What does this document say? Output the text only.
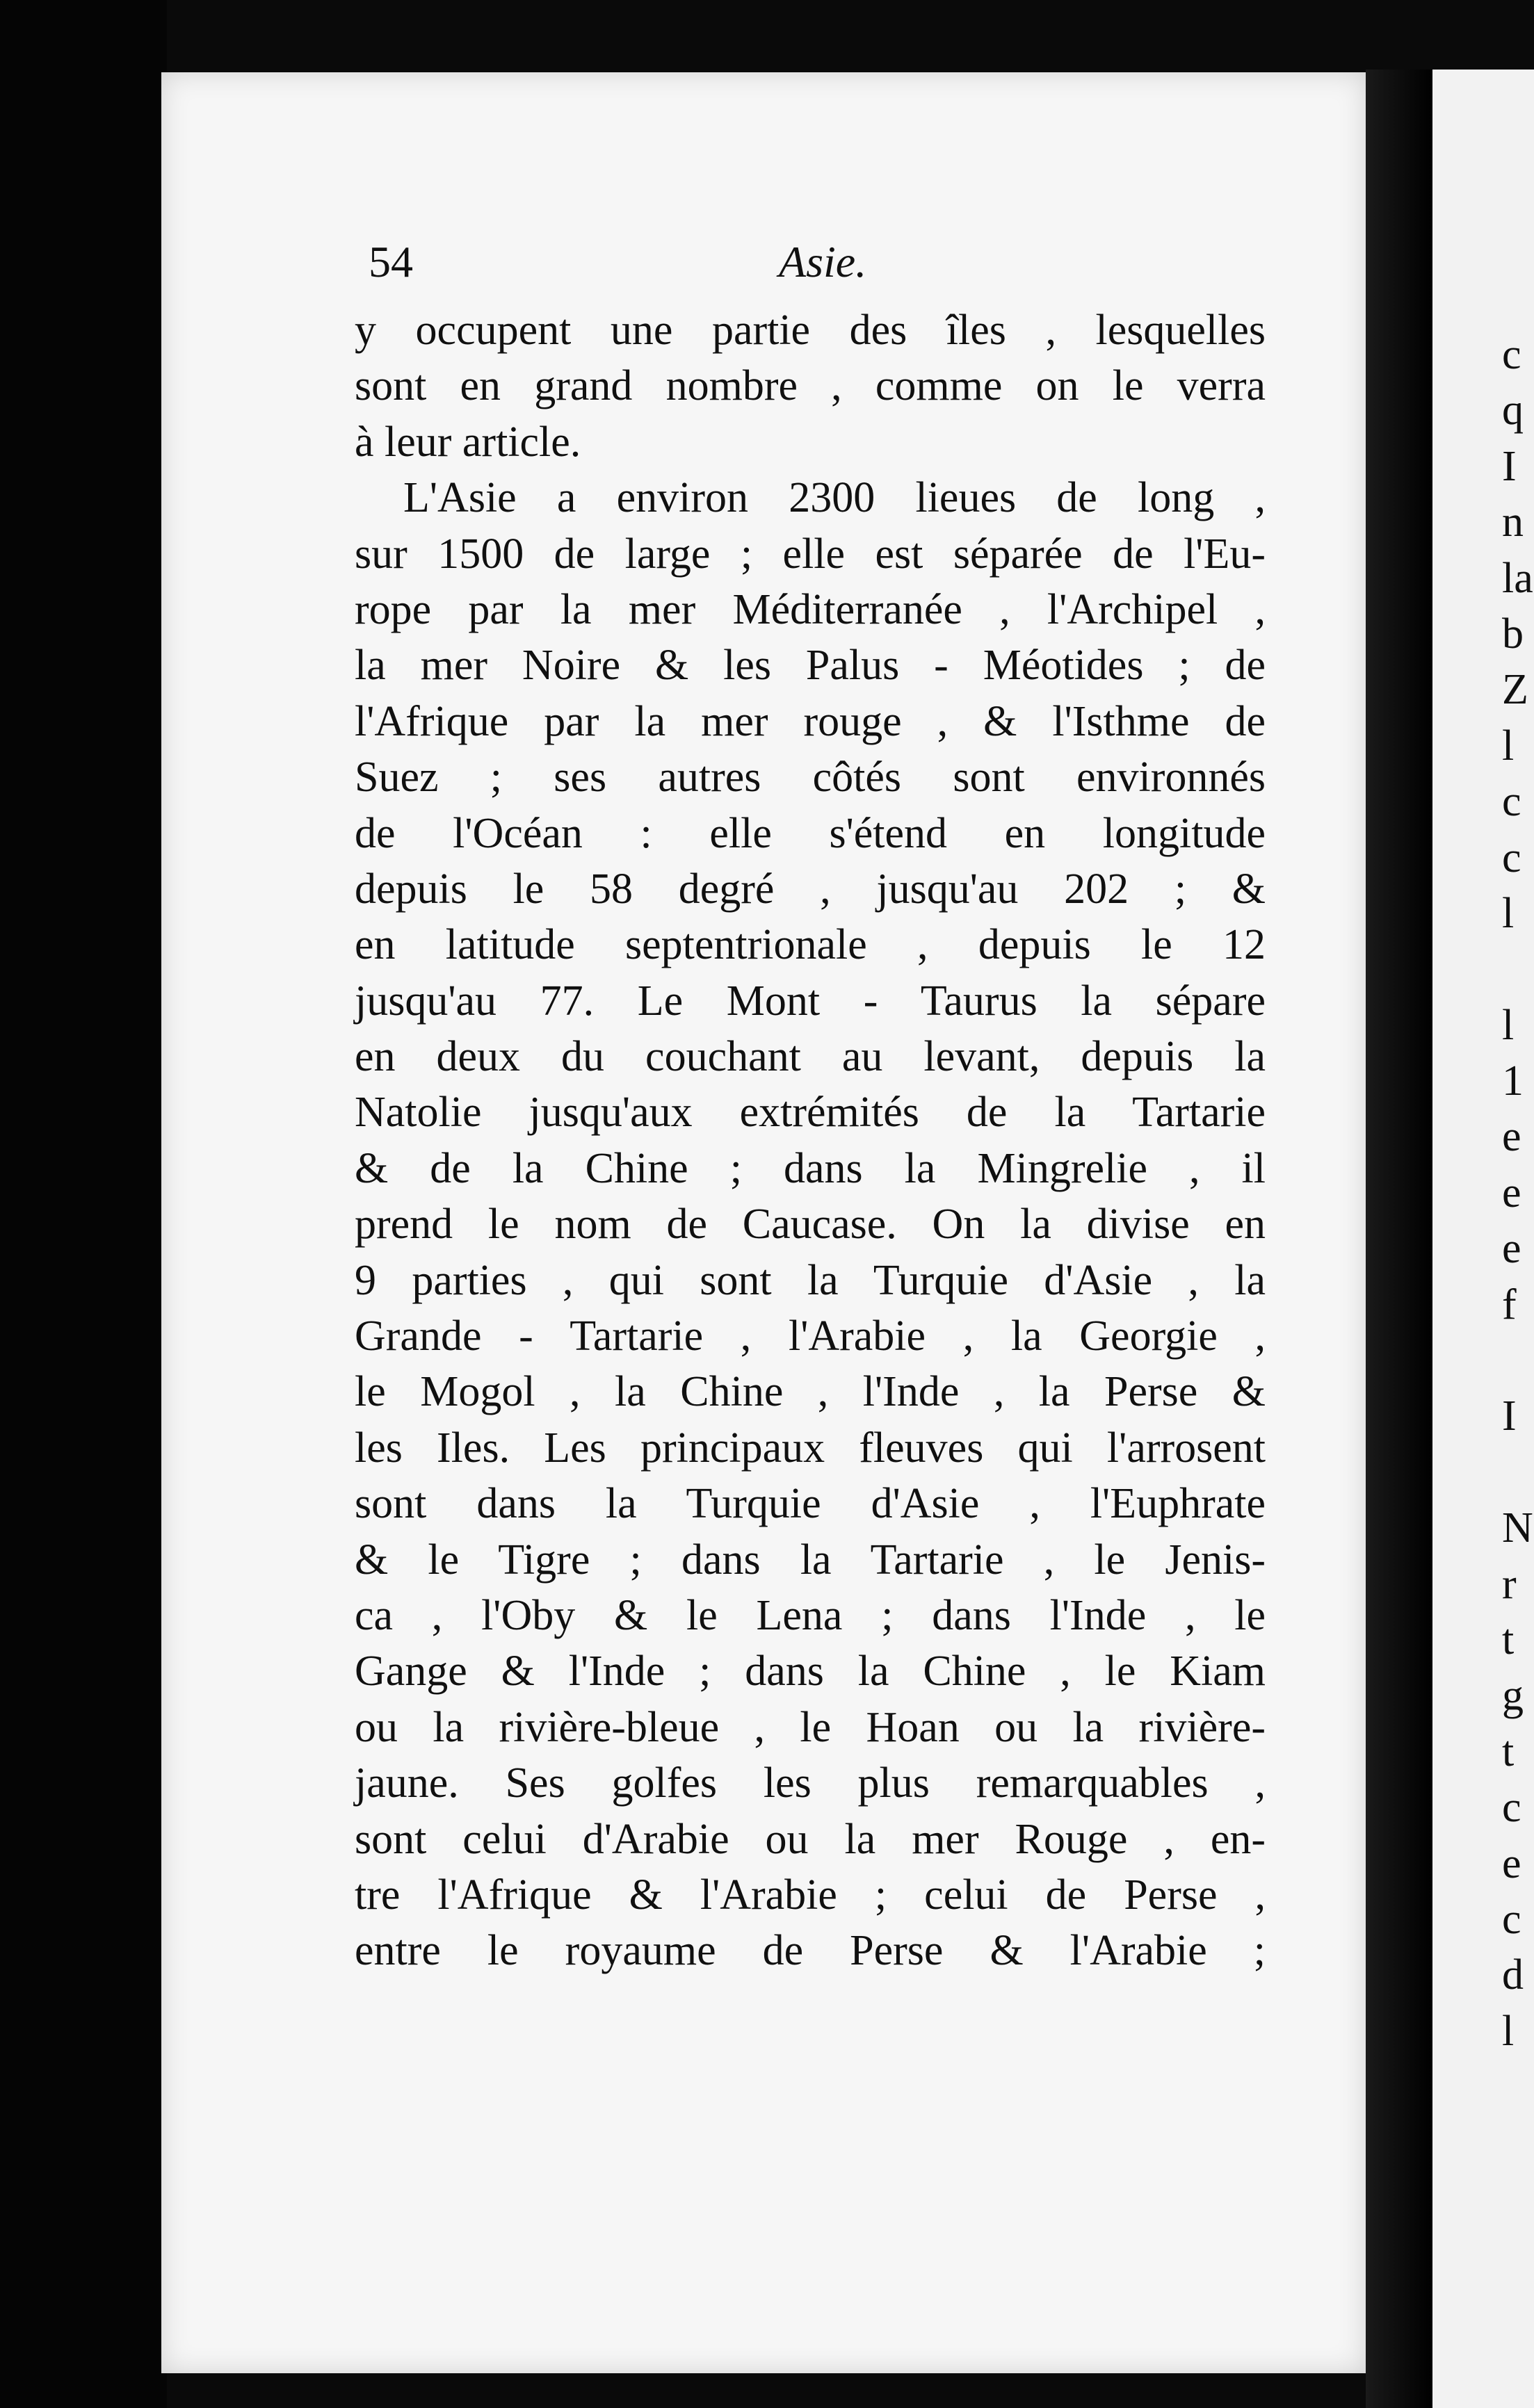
54	Asie.
y occupent une partie des îles , lesquelles
sont en grand nombre , comme on le verra
à leur article.
L'Asie a environ 2300 lieues de long ,
sur 1500 de large ; elle est séparée de l'Eu-
rope par la mer Méditerranée , l'Archipel ,
la mer Noire & les Palus - Méotides ; de
l'Afrique par la mer rouge , & l'Isthme de
Suez ; ses autres côtés sont environnés
de l'Océan : elle s'étend en longitude
depuis le 58 degré , jusqu'au 202 ; &
en latitude septentrionale , depuis le 12
jusqu'au 77. Le Mont - Taurus la sépare
en deux du couchant au levant, depuis la
Natolie jusqu'aux extrémités de la Tartarie
& de la Chine ; dans la Mingrelie , il
prend le nom de Caucase. On la divise en
9 parties , qui sont la Turquie d'Asie , la
Grande - Tartarie , l'Arabie , la Georgie ,
le Mogol , la Chine , l'Inde , la Perse &
les Iles. Les principaux fleuves qui l'arrosent
sont dans la Turquie d'Asie , l'Euphrate
& le Tigre ; dans la Tartarie , le Jenis-
ca , l'Oby & le Lena ; dans l'Inde , le
Gange & l'Inde ; dans la Chine , le Kiam
ou la rivière-bleue , le Hoan ou la rivière-
jaune. Ses golfes les plus remarquables ,
sont celui d'Arabie ou la mer Rouge , en-
tre l'Afrique & l'Arabie ; celui de Perse ,
entre le royaume de Perse & l'Arabie ;
c
q
I
n
la
b
Z
l
c
c
l
l
1
e
e
e
f
I
N
r
t
g
t
c
e
c
d
l
